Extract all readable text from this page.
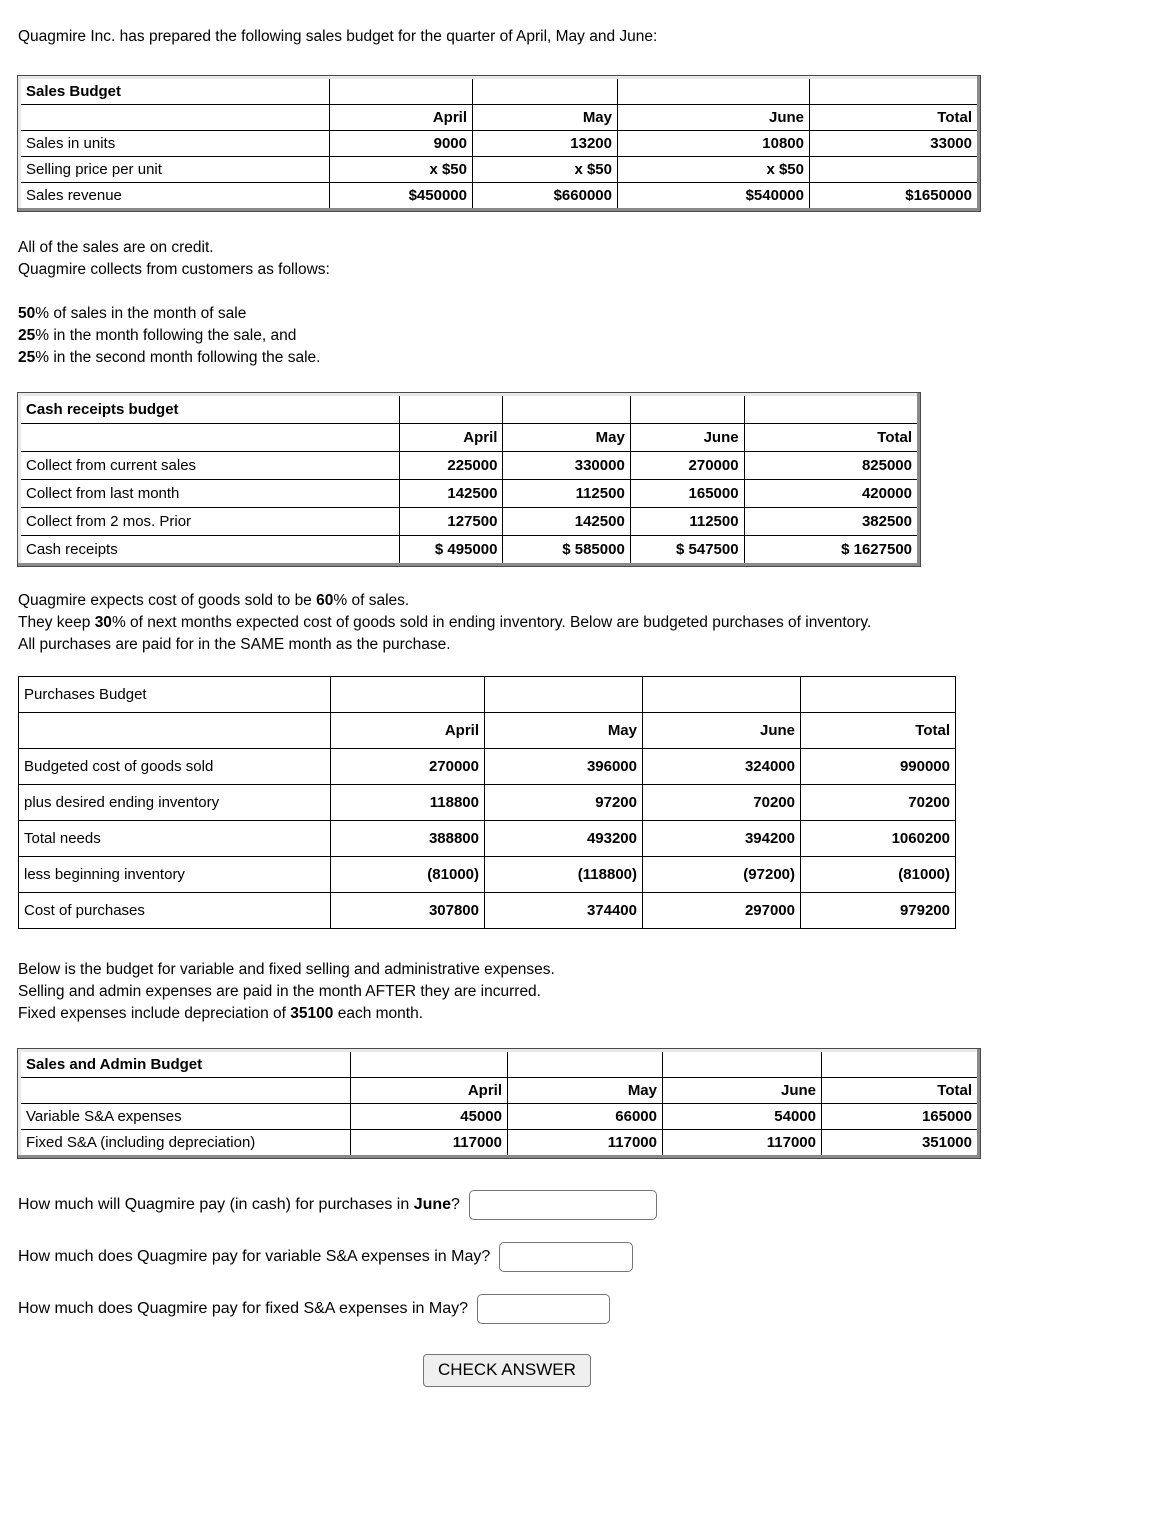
Quagmire Inc. has prepared the following sales budget for the quarter of April, May and June:
Sales Budget				
	April	May	June	Total
Sales in units	9000	13200	10800	33000
Selling price per unit	x $50	x $50	x $50	
Sales revenue	$450000	$660000	$540000	$1650000
All of the sales are on credit.
Quagmire collects from customers as follows:
50% of sales in the month of sale
25% in the month following the sale, and
25% in the second month following the sale.
Cash receipts budget				
	April	May	June	Total
Collect from current sales	225000	330000	270000	825000
Collect from last month	142500	112500	165000	420000
Collect from 2 mos. Prior	127500	142500	112500	382500
Cash receipts	$ 495000	$ 585000	$ 547500	$ 1627500
Quagmire expects cost of goods sold to be 60% of sales.
They keep 30% of next months expected cost of goods sold in ending inventory. Below are budgeted purchases of inventory.
All purchases are paid for in the SAME month as the purchase.
Purchases Budget				
	April	May	June	Total
Budgeted cost of goods sold	270000	396000	324000	990000
plus desired ending inventory	118800	97200	70200	70200
Total needs	388800	493200	394200	1060200
less beginning inventory	(81000)	(118800)	(97200)	(81000)
Cost of purchases	307800	374400	297000	979200
Below is the budget for variable and fixed selling and administrative expenses.
Selling and admin expenses are paid in the month AFTER they are incurred.
Fixed expenses include depreciation of 35100 each month.
Sales and Admin Budget				
	April	May	June	Total
Variable S&A expenses	45000	66000	54000	165000
Fixed S&A (including depreciation)	117000	117000	117000	351000
How much will Quagmire pay (in cash) for purchases in June?
How much does Quagmire pay for variable S&A expenses in May?
How much does Quagmire pay for fixed S&A expenses in May?
CHECK ANSWER
